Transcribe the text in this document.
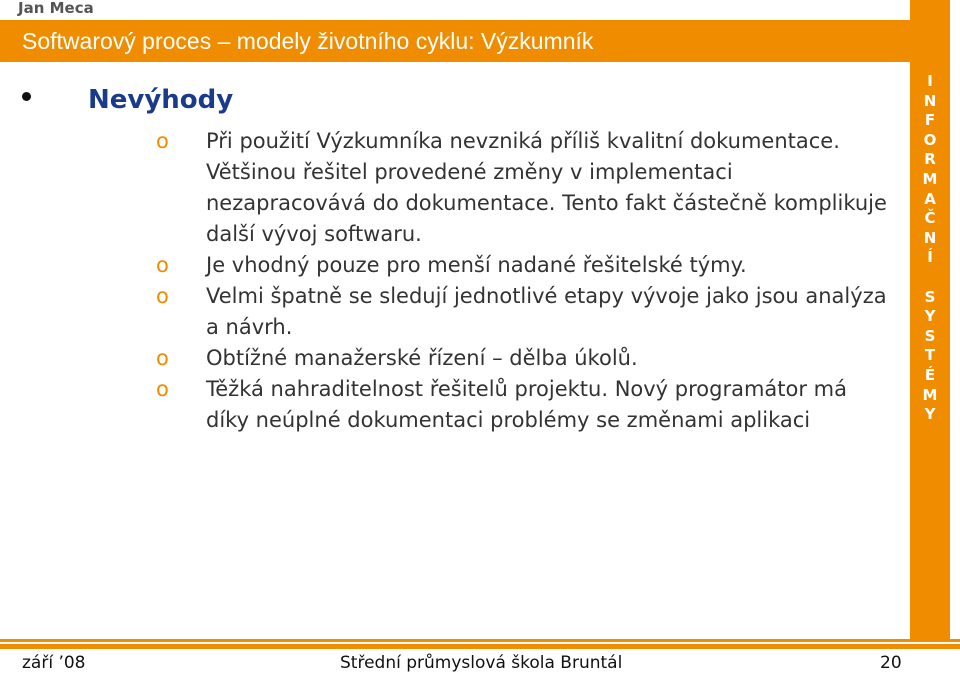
Jan Meca
Softwarový proces – modely životního cyklu: Výzkumník
I
N
F
O
R
M
A
Č
N
Í
S
Y
S
T
É
M
Y
Nevýhody
o Při použití Výzkumníka nevzniká příliš kvalitní dokumentace. Většinou řešitel provedené změny v implementaci nezapracovává do dokumentace. Tento fakt částečně komplikuje další vývoj softwaru.

o Je vhodný pouze pro menší nadané řešitelské týmy.

o Velmi špatně se sledují jednotlivé etapy vývoje jako jsou analýza a návrh.

o Obtížné manažerské řízení – dělba úkolů.

o Těžká nahraditelnost řešitelů projektu. Nový programátor má díky neúplné dokumentaci problémy se změnami aplikaci

září ’08	Střední průmyslová škola Bruntál	20
